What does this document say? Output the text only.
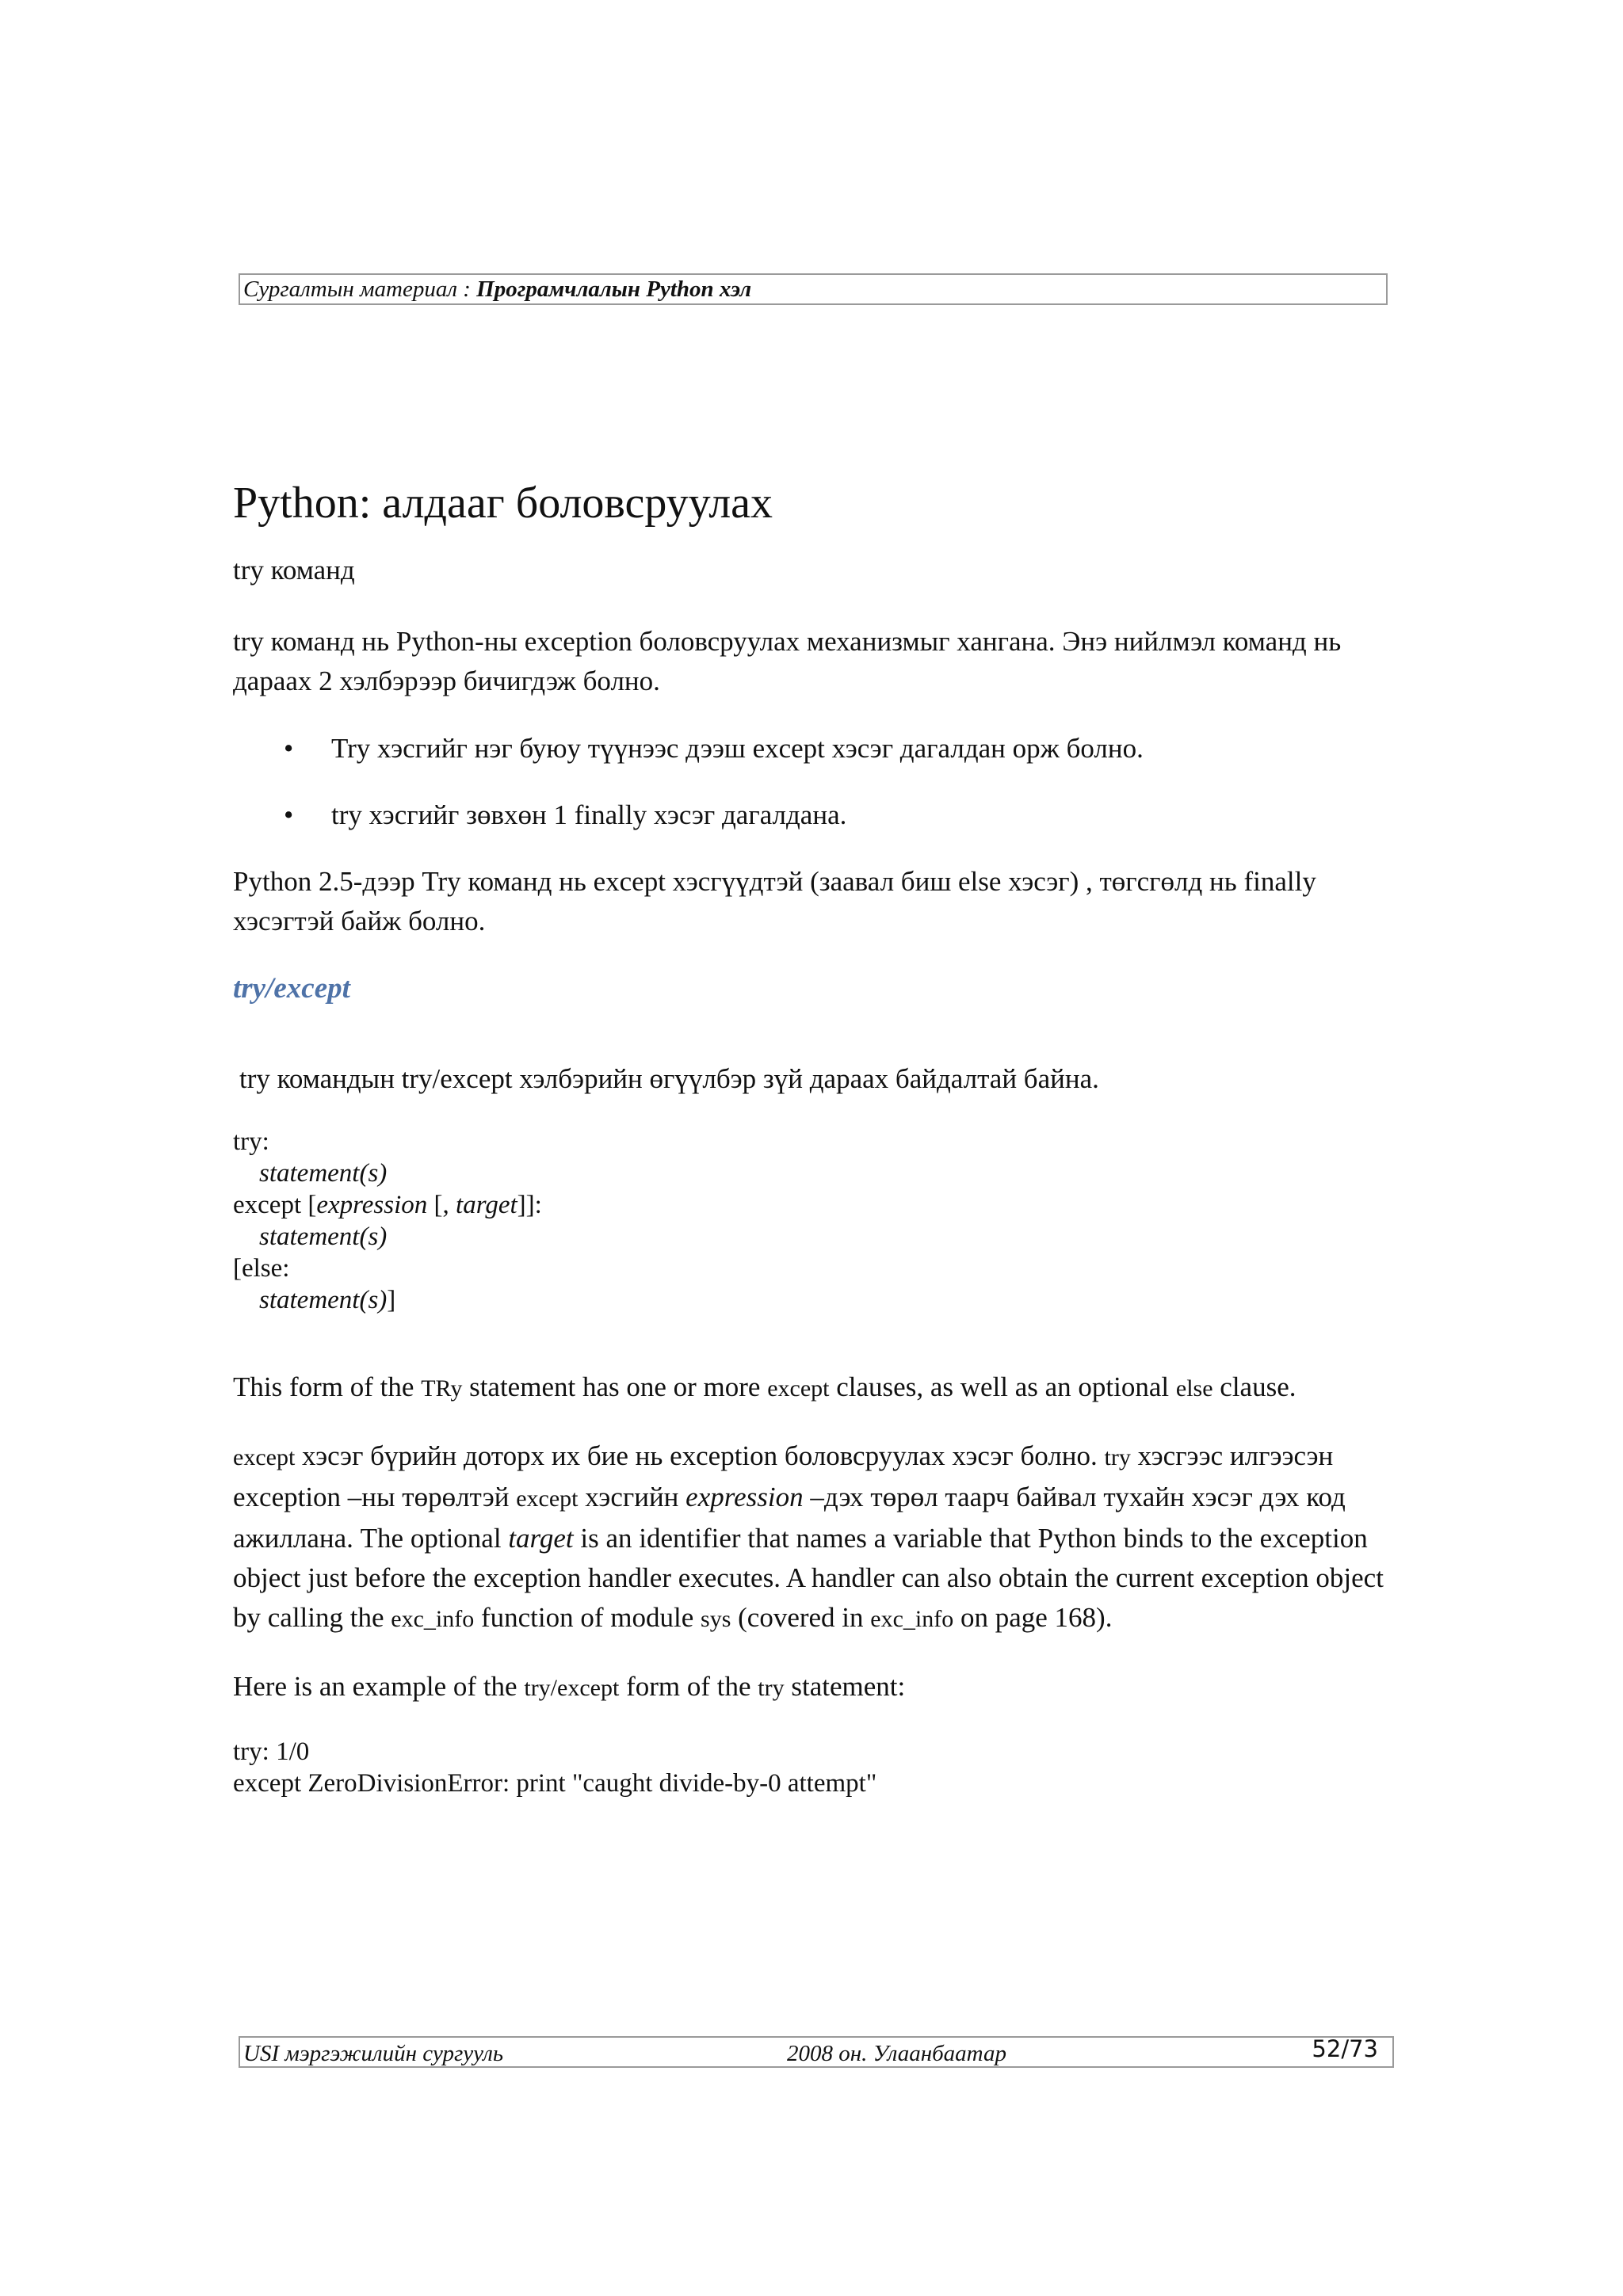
Сургалтын материал : Програмчлалын Python хэл
Python: алдааг боловсруулах
try команд
try команд нь Python-ны exception боловсруулах механизмыг хангана. Энэ нийлмэл команд нь дараах 2 хэлбэрээр бичигдэж болно.
• Try хэсгийг нэг буюу түүнээс дээш except хэсэг дагалдан орж болно.
• try хэсгийг зөвхөн 1 finally хэсэг дагалдана.
Python 2.5-дээр Try команд нь except хэсгүүдтэй (заавал биш else хэсэг) , төгсгөлд нь finally хэсэгтэй байж болно.
try/except
try командын try/except хэлбэрийн өгүүлбэр зүй дараах байдалтай байна.
try:
statement(s)
except [expression [, target]]:
statement(s)
[else:
statement(s)]
This form of the TRy statement has one or more except clauses, as well as an optional else clause.
except хэсэг бүрийн доторх их бие нь exception боловсруулах хэсэг болно. try хэсгээс илгээсэн exception –ны төрөлтэй except хэсгийн expression –дэх төрөл таарч байвал тухайн хэсэг дэх код ажиллана. The optional target is an identifier that names a variable that Python binds to the exception object just before the exception handler executes. A handler can also obtain the current exception object by calling the exc_info function of module sys (covered in exc_info on page 168).
Here is an example of the try/except form of the try statement:
try: 1/0
except ZeroDivisionError: print "caught divide-by-0 attempt"
USI мэргэжилийн сургууль	2008 он. Улаанбаатар	52/73
